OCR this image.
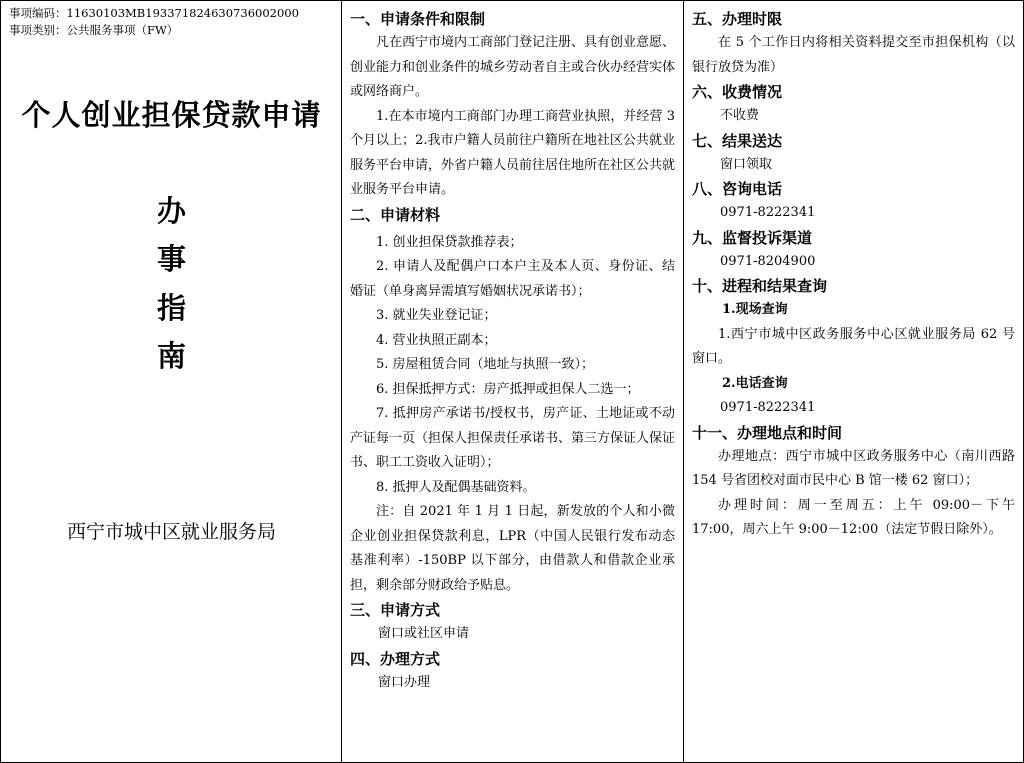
事项编码：11630103MB193371824630736002000
事项类别：公共服务事项（FW）
个人创业担保贷款申请
办
事
指
南
西宁市城中区就业服务局
一、申请条件和限制
凡在西宁市境内工商部门登记注册、具有创业意愿、创业能力和创业条件的城乡劳动者自主或合伙办经营实体或网络商户。
1.在本市境内工商部门办理工商营业执照，并经营 3 个月以上；2.我市户籍人员前往户籍所在地社区公共就业服务平台申请，外省户籍人员前往居住地所在社区公共就业服务平台申请。
二、申请材料
1. 创业担保贷款推荐表；
2. 申请人及配偶户口本户主及本人页、身份证、结婚证（单身离异需填写婚姻状况承诺书）；
3. 就业失业登记证；
4. 营业执照正副本；
5. 房屋租赁合同（地址与执照一致）；
6. 担保抵押方式：房产抵押或担保人二选一；
7. 抵押房产承诺书/授权书，房产证、土地证或不动产证每一页（担保人担保责任承诺书、第三方保证人保证书、职工工资收入证明）；
8. 抵押人及配偶基础资料。
注：自 2021 年 1 月 1 日起，新发放的个人和小微企业创业担保贷款利息，LPR（中国人民银行发布动态基准利率）-150BP 以下部分，由借款人和借款企业承担，剩余部分财政给予贴息。
三、申请方式
窗口或社区申请
四、办理方式
窗口办理
五、办理时限
在 5 个工作日内将相关资料提交至市担保机构（以银行放贷为准）
六、收费情况
不收费
七、结果送达
窗口领取
八、咨询电话
0971-8222341
九、监督投诉渠道
0971-8204900
十、进程和结果查询
1.现场查询
1.西宁市城中区政务服务中心区就业服务局 62 号窗口。
2.电话查询
0971-8222341
十一、办理地点和时间
办理地点：西宁市城中区政务服务中心（南川西路 154 号省团校对面市民中心 B 馆一楼 62 窗口）；
办理时间：周一至周五：上午 09:00－下午 17:00，周六上午 9:00－12:00（法定节假日除外）。
